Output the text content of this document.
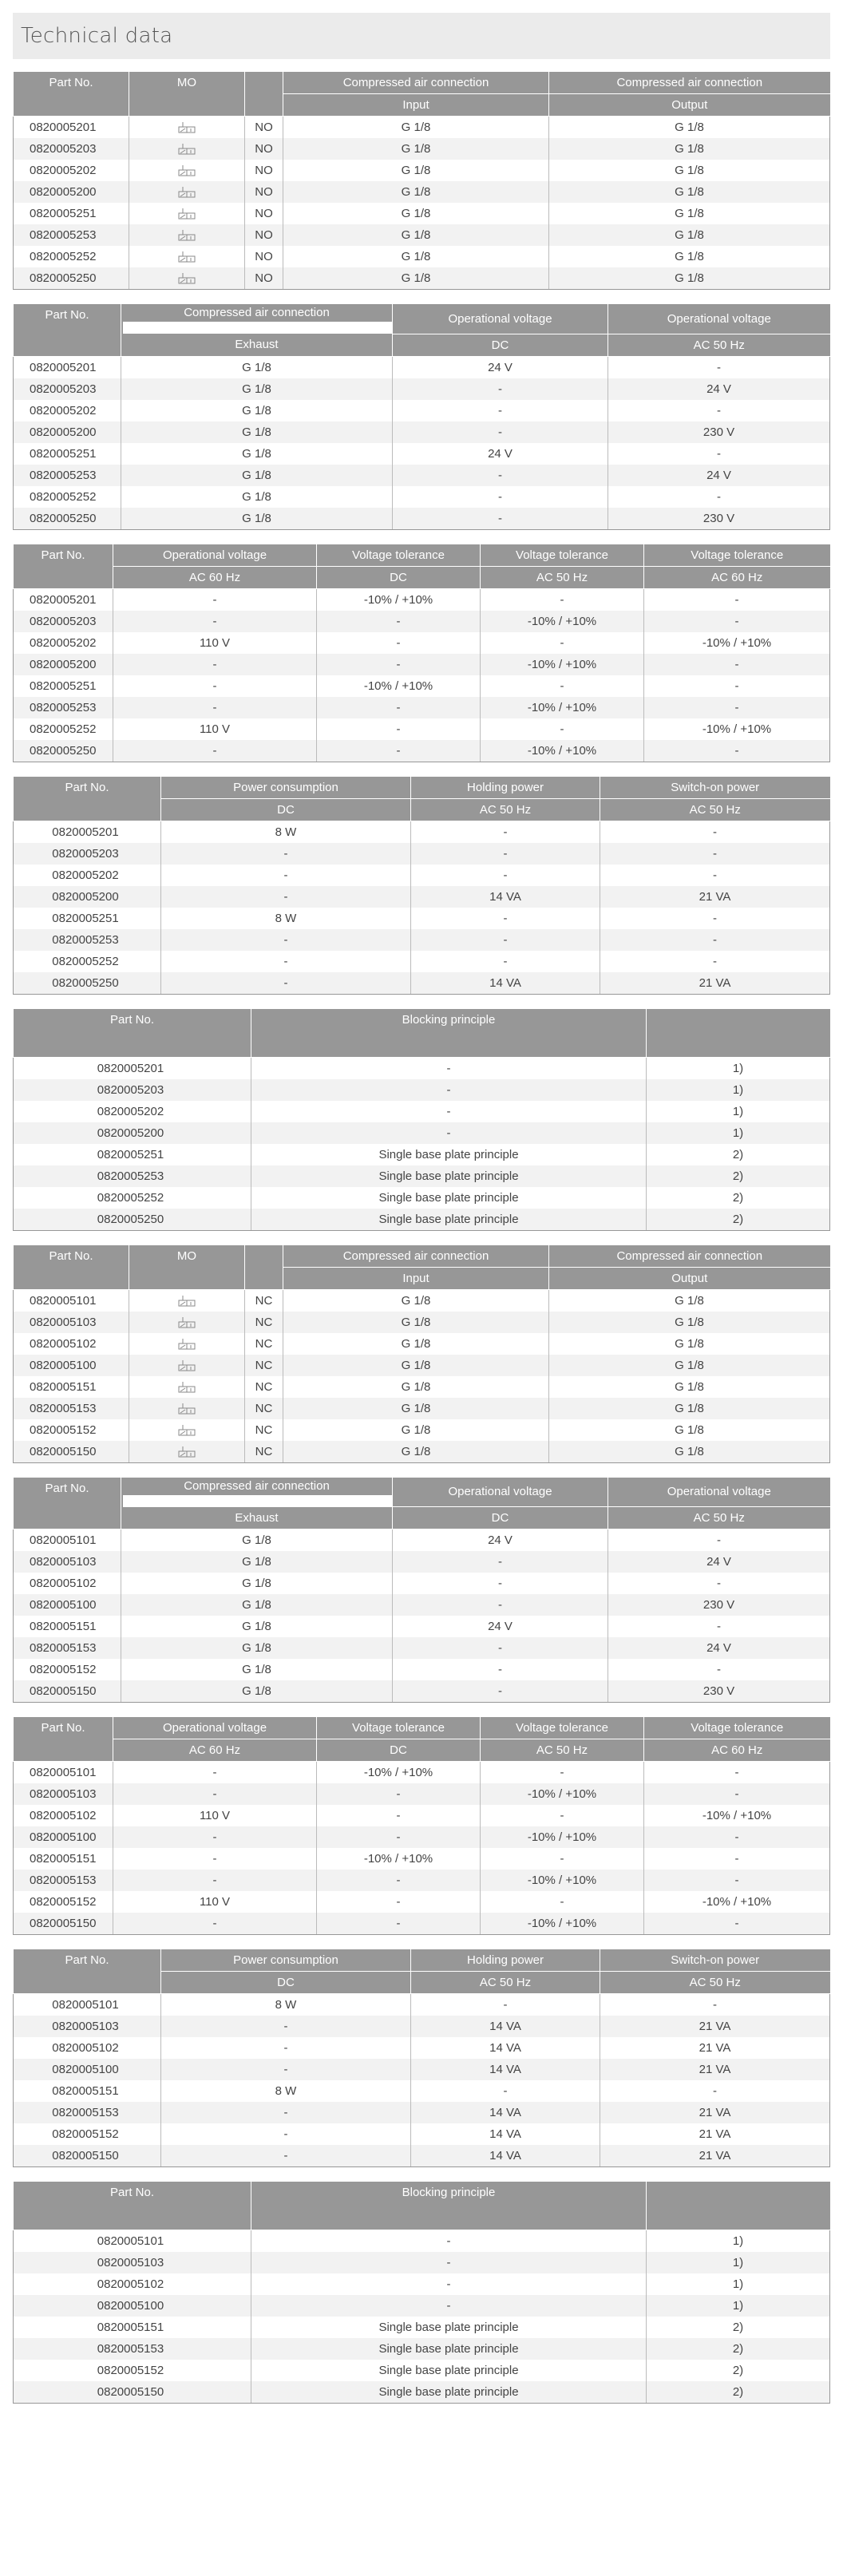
Technical data
Part No.	MO		Compressed air connection	Compressed air connection
			Input	Output
0820005201		NO	G 1/8	G 1/8
0820005203		NO	G 1/8	G 1/8
0820005202		NO	G 1/8	G 1/8
0820005200		NO	G 1/8	G 1/8
0820005251		NO	G 1/8	G 1/8
0820005253		NO	G 1/8	G 1/8
0820005252		NO	G 1/8	G 1/8
0820005250		NO	G 1/8	G 1/8
Part No.	Compressed air connection	Operational voltage	Operational voltage
	Exhaust	DC	AC 50 Hz
0820005201	G 1/8	24 V	-
0820005203	G 1/8	-	24 V
0820005202	G 1/8	-	-
0820005200	G 1/8	-	230 V
0820005251	G 1/8	24 V	-
0820005253	G 1/8	-	24 V
0820005252	G 1/8	-	-
0820005250	G 1/8	-	230 V
Part No.	Operational voltage	Voltage tolerance	Voltage tolerance	Voltage tolerance
	AC 60 Hz	DC	AC 50 Hz	AC 60 Hz
0820005201	-	-10% / +10%	-	-
0820005203	-	-	-10% / +10%	-
0820005202	110 V	-	-	-10% / +10%
0820005200	-	-	-10% / +10%	-
0820005251	-	-10% / +10%	-	-
0820005253	-	-	-10% / +10%	-
0820005252	110 V	-	-	-10% / +10%
0820005250	-	-	-10% / +10%	-
Part No.	Power consumption	Holding power	Switch-on power
	DC	AC 50 Hz	AC 50 Hz
0820005201	8 W	-	-
0820005203	-	-	-
0820005202	-	-	-
0820005200	-	14 VA	21 VA
0820005251	8 W	-	-
0820005253	-	-	-
0820005252	-	-	-
0820005250	-	14 VA	21 VA
Part No.	Blocking principle	
0820005201	-	1)
0820005203	-	1)
0820005202	-	1)
0820005200	-	1)
0820005251	Single base plate principle	2)
0820005253	Single base plate principle	2)
0820005252	Single base plate principle	2)
0820005250	Single base plate principle	2)
Part No.	MO		Compressed air connection	Compressed air connection
			Input	Output
0820005101		NC	G 1/8	G 1/8
0820005103		NC	G 1/8	G 1/8
0820005102		NC	G 1/8	G 1/8
0820005100		NC	G 1/8	G 1/8
0820005151		NC	G 1/8	G 1/8
0820005153		NC	G 1/8	G 1/8
0820005152		NC	G 1/8	G 1/8
0820005150		NC	G 1/8	G 1/8
Part No.	Compressed air connection	Operational voltage	Operational voltage
	Exhaust	DC	AC 50 Hz
0820005101	G 1/8	24 V	-
0820005103	G 1/8	-	24 V
0820005102	G 1/8	-	-
0820005100	G 1/8	-	230 V
0820005151	G 1/8	24 V	-
0820005153	G 1/8	-	24 V
0820005152	G 1/8	-	-
0820005150	G 1/8	-	230 V
Part No.	Operational voltage	Voltage tolerance	Voltage tolerance	Voltage tolerance
	AC 60 Hz	DC	AC 50 Hz	AC 60 Hz
0820005101	-	-10% / +10%	-	-
0820005103	-	-	-10% / +10%	-
0820005102	110 V	-	-	-10% / +10%
0820005100	-	-	-10% / +10%	-
0820005151	-	-10% / +10%	-	-
0820005153	-	-	-10% / +10%	-
0820005152	110 V	-	-	-10% / +10%
0820005150	-	-	-10% / +10%	-
Part No.	Power consumption	Holding power	Switch-on power
	DC	AC 50 Hz	AC 50 Hz
0820005101	8 W	-	-
0820005103	-	14 VA	21 VA
0820005102	-	14 VA	21 VA
0820005100	-	14 VA	21 VA
0820005151	8 W	-	-
0820005153	-	14 VA	21 VA
0820005152	-	14 VA	21 VA
0820005150	-	14 VA	21 VA
Part No.	Blocking principle	
0820005101	-	1)
0820005103	-	1)
0820005102	-	1)
0820005100	-	1)
0820005151	Single base plate principle	2)
0820005153	Single base plate principle	2)
0820005152	Single base plate principle	2)
0820005150	Single base plate principle	2)
